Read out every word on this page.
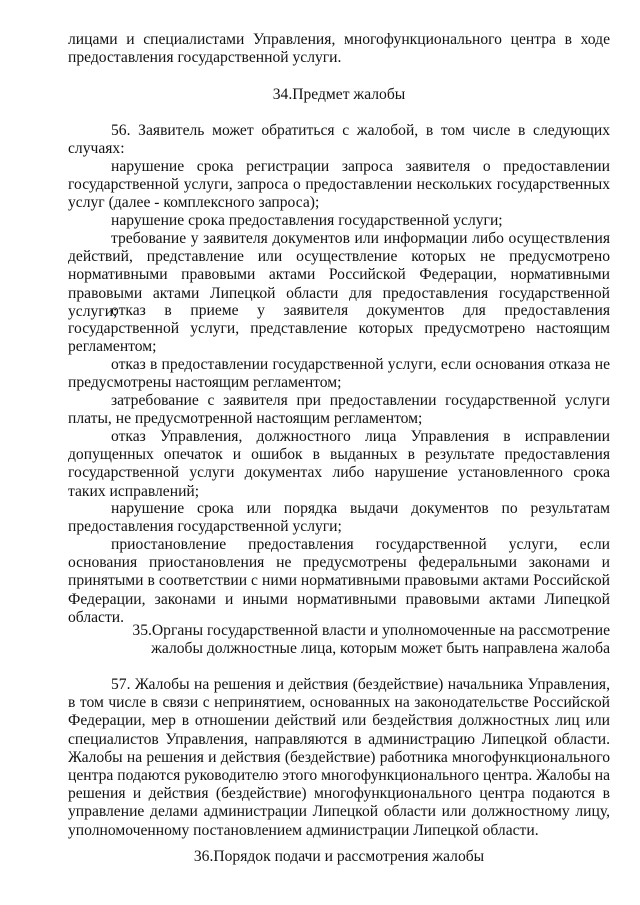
лицами и специалистами Управления, многофункционального центра в ходе предоставления государственной услуги.

34.Предмет жалобы

56. Заявитель может обратиться с жалобой, в том числе в следующих случаях:

нарушение срока регистрации запроса заявителя о предоставлении государственной услуги, запроса о предоставлении нескольких государственных услуг (далее - комплексного запроса);

нарушение срока предоставления государственной услуги;

требование у заявителя документов или информации либо осуществления действий, представление или осуществление которых не предусмотрено нормативными правовыми актами Российской Федерации, нормативными правовыми актами Липецкой области для предоставления государственной услуги;

отказ в приеме у заявителя документов для предоставления государственной услуги, представление которых предусмотрено настоящим регламентом;

отказ в предоставлении государственной услуги, если основания отказа не предусмотрены настоящим регламентом;

затребование с заявителя при предоставлении государственной услуги платы, не предусмотренной настоящим регламентом;

отказ Управления, должностного лица Управления в исправлении допущенных опечаток и ошибок в выданных в результате предоставления государственной услуги документах либо нарушение установленного срока таких исправлений;

нарушение срока или порядка выдачи документов по результатам предоставления государственной услуги;

приостановление предоставления государственной услуги, если основания приостановления не предусмотрены федеральными законами и принятыми в соответствии с ними нормативными правовыми актами Российской Федерации, законами и иными нормативными правовыми актами Липецкой области.

35.Органы государственной власти и уполномоченные на рассмотрение
жалобы должностные лица, которым может быть направлена жалоба

57. Жалобы на решения и действия (бездействие) начальника Управления, в том числе в связи с непринятием, основанных на законодательстве Российской Федерации, мер в отношении действий или бездействия должностных лиц или специалистов Управления, направляются в администрацию Липецкой области. Жалобы на решения и действия (бездействие) работника многофункционального центра подаются руководителю этого многофункционального центра. Жалобы на решения и действия (бездействие) многофункционального центра подаются в управление делами администрации Липецкой области или должностному лицу, уполномоченному постановлением администрации Липецкой области.

36.Порядок подачи и рассмотрения жалобы
